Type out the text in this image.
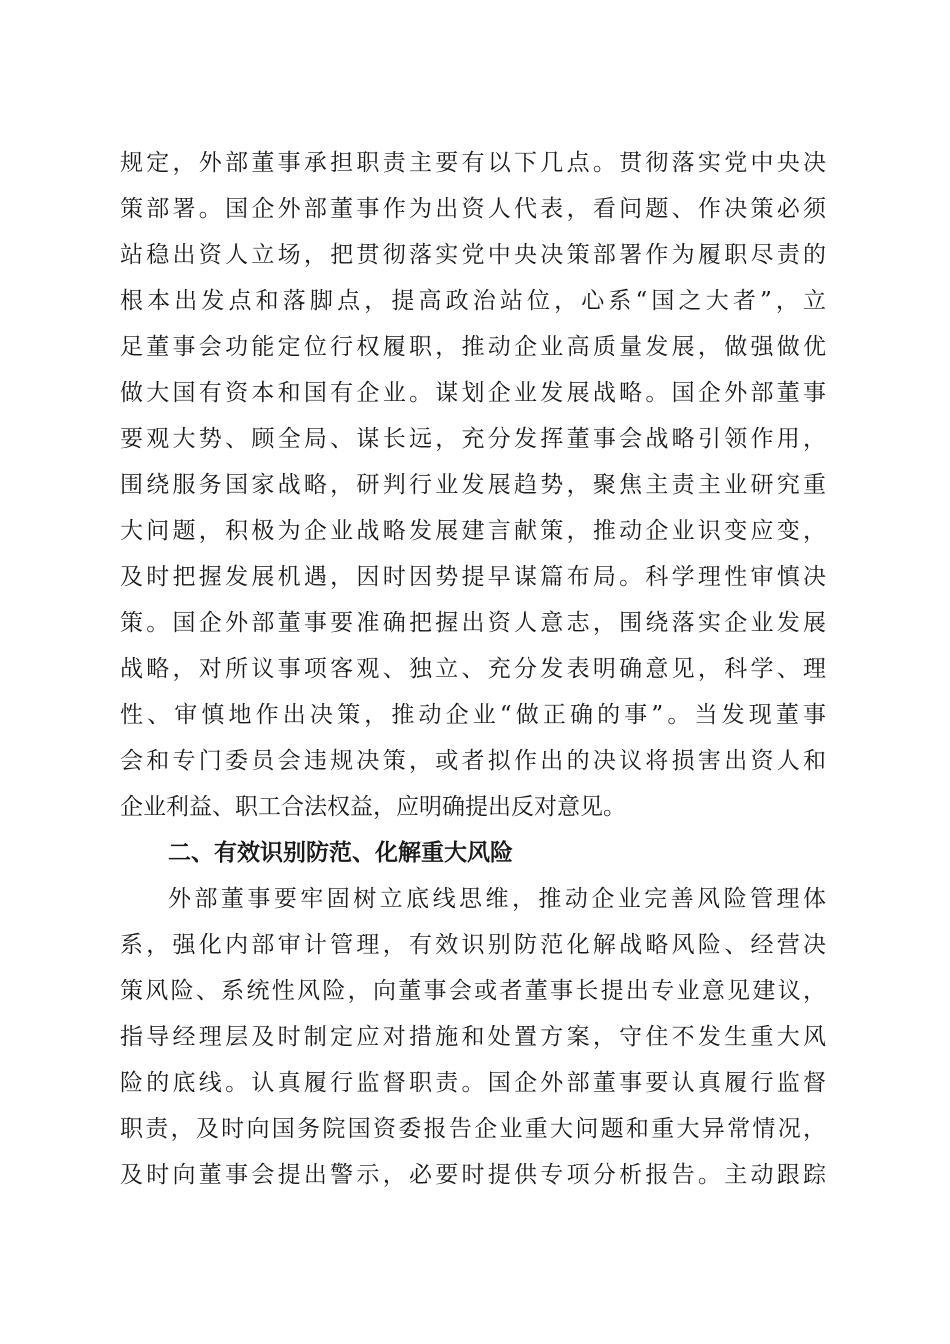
规定，外部董事承担职责主要有以下几点。贯彻落实党中央决
策部署。国企外部董事作为出资人代表，看问题、作决策必须
站稳出资人立场，把贯彻落实党中央决策部署作为履职尽责的
根本出发点和落脚点，提高政治站位，心系“国之大者”，立
足董事会功能定位行权履职，推动企业高质量发展，做强做优
做大国有资本和国有企业。谋划企业发展战略。国企外部董事
要观大势、顾全局、谋长远，充分发挥董事会战略引领作用，
围绕服务国家战略，研判行业发展趋势，聚焦主责主业研究重
大问题，积极为企业战略发展建言献策，推动企业识变应变，
及时把握发展机遇，因时因势提早谋篇布局。科学理性审慎决
策。国企外部董事要准确把握出资人意志，围绕落实企业发展
战略，对所议事项客观、独立、充分发表明确意见，科学、理
性、审慎地作出决策，推动企业“做正确的事”。当发现董事
会和专门委员会违规决策，或者拟作出的决议将损害出资人和
企业利益、职工合法权益，应明确提出反对意见。
二、有效识别防范、化解重大风险
外部董事要牢固树立底线思维，推动企业完善风险管理体
系，强化内部审计管理，有效识别防范化解战略风险、经营决
策风险、系统性风险，向董事会或者董事长提出专业意见建议，
指导经理层及时制定应对措施和处置方案，守住不发生重大风
险的底线。认真履行监督职责。国企外部董事要认真履行监督
职责，及时向国务院国资委报告企业重大问题和重大异常情况，
及时向董事会提出警示，必要时提供专项分析报告。主动跟踪
